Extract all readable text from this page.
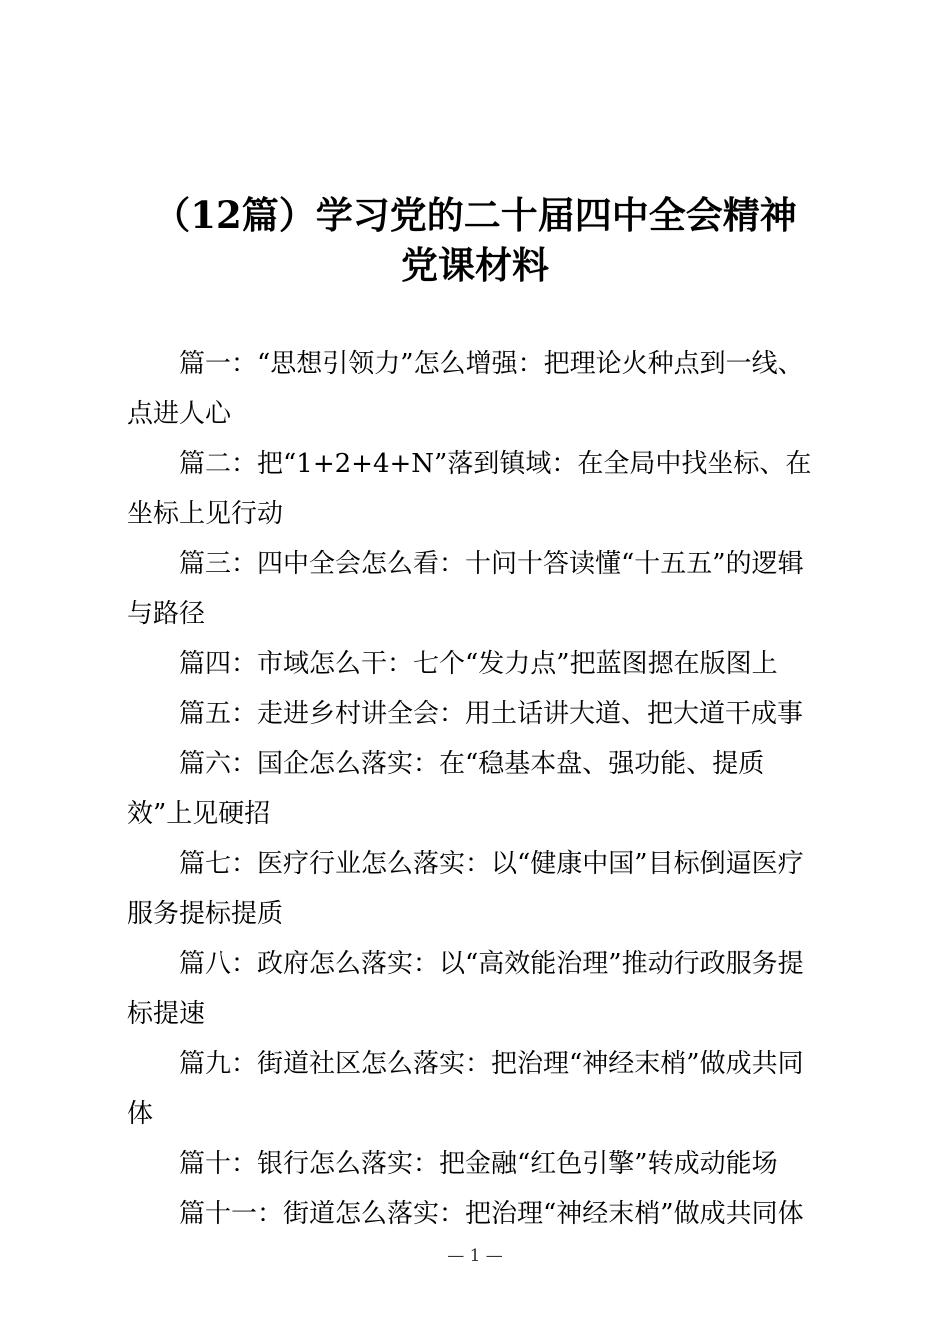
（12篇）学习党的二十届四中全会精神
党课材料
篇一：“思想引领力”怎么增强：把理论火种点到一线、点进人心
篇二：把“1+2+4+N”落到镇域：在全局中找坐标、在坐标上见行动
篇三：四中全会怎么看：十问十答读懂“十五五”的逻辑与路径
篇四：市域怎么干：七个“发力点”把蓝图摁在版图上
篇五：走进乡村讲全会：用土话讲大道、把大道干成事
篇六：国企怎么落实：在“稳基本盘、强功能、提质效”上见硬招
篇七：医疗行业怎么落实：以“健康中国”目标倒逼医疗服务提标提质
篇八：政府怎么落实：以“高效能治理”推动行政服务提标提速
篇九：街道社区怎么落实：把治理“神经末梢”做成共同体
篇十：银行怎么落实：把金融“红色引擎”转成动能场
篇十一：街道怎么落实：把治理“神经末梢”做成共同体
— 1 —
